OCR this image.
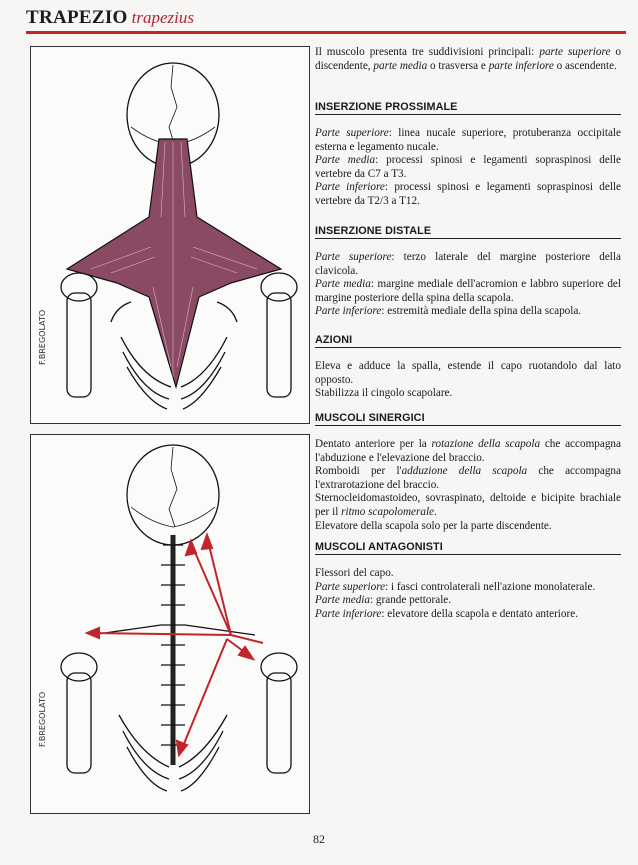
TRAPEZIO trapezius
F.BREGOLATO
F.BREGOLATO

Il muscolo presenta tre suddivisioni principali: parte superiore o discendente, parte media o trasversa e parte inferiore o ascendente.

INSERZIONE PROSSIMALE

Parte superiore: linea nucale superiore, protuberanza occipitale esterna e legamento nucale.

Parte media: processi spinosi e legamenti sopraspinosi delle vertebre da C7 a T3.

Parte inferiore: processi spinosi e legamenti sopraspinosi delle vertebre da T2/3 a T12.

INSERZIONE DISTALE

Parte superiore: terzo laterale del margine posteriore della clavicola.

Parte media: margine mediale dell'acromion e labbro superiore del margine posteriore della spina della scapola.

Parte inferiore: estremità mediale della spina della scapola.

AZIONI

Eleva e adduce la spalla, estende il capo ruotandolo dal lato opposto.

Stabilizza il cingolo scapolare.

MUSCOLI SINERGICI

Dentato anteriore per la rotazione della scapola che accompagna l'abduzione e l'elevazione del braccio.

Romboidi per l'adduzione della scapola che accompagna l'extrarotazione del braccio.

Sternocleidomastoideo, sovraspinato, deltoide e bicipite brachiale per il ritmo scapolomerale.

Elevatore della scapola solo per la parte discendente.

MUSCOLI ANTAGONISTI

Flessori del capo.

Parte superiore: i fasci controlaterali nell'azione monolaterale.

Parte media: grande pettorale.

Parte inferiore: elevatore della scapola e dentato anteriore.

82
